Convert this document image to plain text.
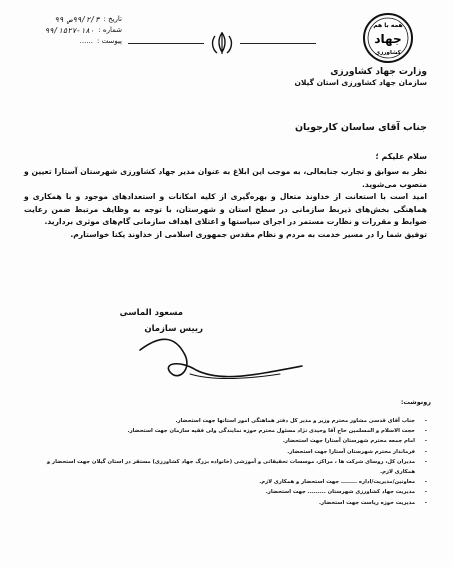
تاریخ :
۹۹/۲/۳ص ۹۹
شماره :
۹۹/۱۵۲۷-۱۸۰
پیوست :
......
همه با هم
جهاد
کشاورزی
وزارت جهاد کشاورزی
سازمان جهاد کشاورزی استان گیلان
جناب آقای ساسان کارجویان
سلام علیکم ؛

نظر به سوابق و تجارب جنابعالی، به موجب این ابلاغ به عنوان مدیر جهاد کشاورزی شهرستان آستارا تعیین و منصوب می‌شوید.

امید است با استعانت از خداوند متعال و بهره‌گیری از کلیه امکانات و استعدادهای موجود و با همکاری و هماهنگی بخش‌های ذیربط سازمانی در سطح استان و شهرستان، با توجه به وظایف مرتبط ضمن رعایت ضوابط و مقررات و نظارت مستمر در اجرای سیاستها و اعتلای اهداف سازمانی گام‌های موثری بردارید.

توفیق شما را در مسیر خدمت به مردم و نظام مقدس جمهوری اسلامی از خداوند یکتا خواستارم.

مسعود الماسی
رییس سازمان
رونوشت:
- جناب آقای قدسی مشاور محترم وزیر و مدیر کل دفتر هماهنگی امور استانها جهت استحضار.
- حجت الاسلام و المسلمین حاج آقا وحیدی نژاد مسئول محترم حوزه نمایندگی ولی فقیه سازمان جهت استحضار.
- امام جمعه محترم شهرستان آستارا جهت استحضار.
- فرماندار محترم شهرستان آستارا جهت استحضار.
- مدیران کل، روسای شرکت ها ، مراکز، موسسات تحقیقاتی و آموزشی (خانواده بزرگ جهاد کشاورزی) مستقر در استان گیلان جهت استحضار و همکاری لازم.
- معاونین/مدیریت/اداره ........ جهت استحضار و همکاری لازم.
- مدیریت جهاد کشاورزی شهرستان ......... جهت استحضار.
- مدیریت حوزه ریاست جهت استحضار.
